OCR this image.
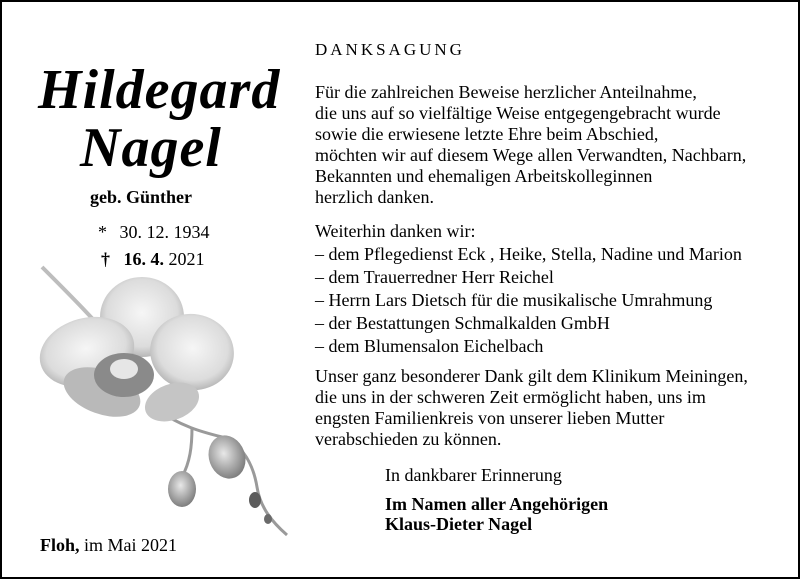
Hildegard
Nagel
geb. Günther
* 30. 12. 1934
† 16. 4. 2021
Floh, im Mai 2021
DANKSAGUNG
Für die zahlreichen Beweise herzlicher Anteilnahme,
die uns auf so vielfältige Weise entgegengebracht wurde
sowie die erwiesene letzte Ehre beim Abschied,
möchten wir auf diesem Wege allen Verwandten, Nachbarn,
Bekannten und ehemaligen Arbeitskolleginnen
herzlich danken.
Weiterhin danken wir:
– dem Pflegedienst Eck , Heike, Stella, Nadine und Marion
– dem Trauerredner Herr Reichel
– Herrn Lars Dietsch für die musikalische Umrahmung
– der Bestattungen Schmalkalden GmbH
– dem Blumensalon Eichelbach
Unser ganz besonderer Dank gilt dem Klinikum Meiningen,
die uns in der schweren Zeit ermöglicht haben, uns im
engsten Familienkreis von unserer lieben Mutter
verabschieden zu können.
In dankbarer Erinnerung
Im Namen aller Angehörigen
Klaus-Dieter Nagel
